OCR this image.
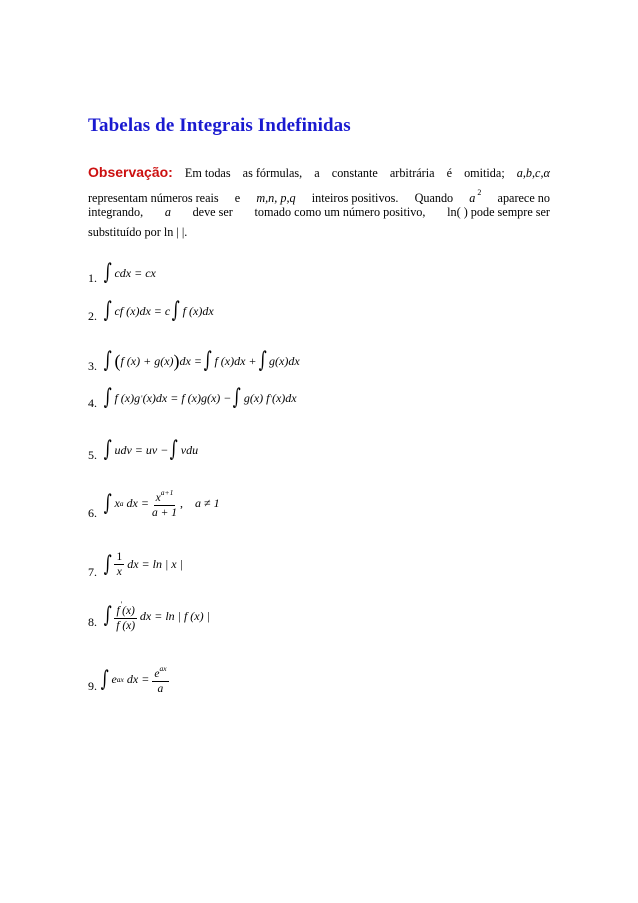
Tabelas de Integrais Indefinidas
Observação: Em todas as fórmulas, a constante arbitrária é omitida; a,b,c,α
representam números reais e m,n, p,q inteiros positivos. Quando a $^2$ aparece no
integrando, a deve ser tomado como um número positivo, ln( ) pode sempre ser
substituído por ln | |.
1. ∫ cdx = cx
2. ∫ cf (x)dx = c ∫ f (x)dx
3. ∫ ( f (x) + g(x) ) dx = ∫ f (x)dx + ∫ g(x)dx
4. ∫ f (x)g ' (x)dx = f (x)g(x) − ∫ g(x) f ' (x)dx
5. ∫ udv = uv − ∫ vdu
6. ∫ x a dx = $\frac{x^{a+1}}{a + 1}$ , a ≠ 1
7. ∫ $\frac{1}{x}$ dx = ln | x |
8. ∫ $\frac{f'(x)}{f (x)}$ dx = ln | f (x) |
9. ∫ e ax dx = $\frac{e^{ax}}{a}$
